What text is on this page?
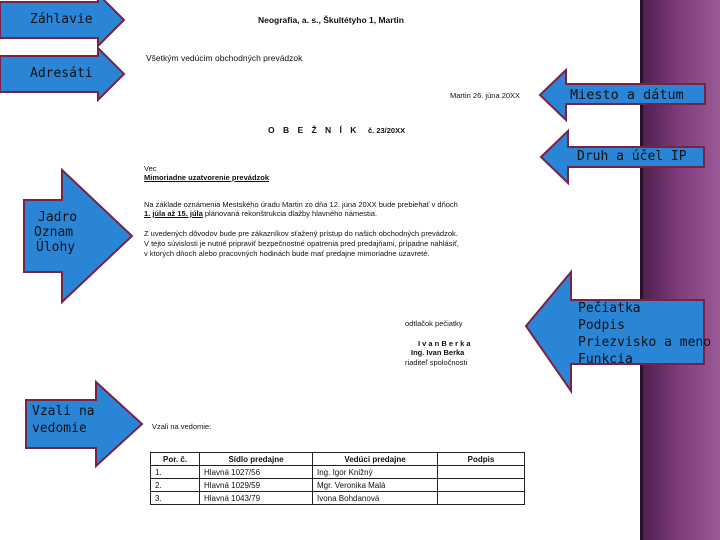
Záhlavie
Adresáti
Miesto a dátum
Druh a účel IP
Jadro
Oznam
Úlohy
Pečiatka
Podpis
Priezvisko a meno
Funkcia
Vzali na
vedomie
Neografia, a. s., Škultétyho 1, Martin
Všetkým vedúcim obchodných prevádzok
Martin 26. júna 20XX
O B E Ž N Í K č. 23/20XX
Vec
Mimoriadne uzatvorenie prevádzok
Na základe oznámenia Mestského úradu Martin zo dňa 12. júna 20XX bude prebiehať v dňoch
1. júla až 15. júla plánovaná rekonštrukcia dlažby hlavného námestia.
Z uvedených dôvodov bude pre zákazníkov sťažený prístup do našich obchodných prevádzok.
V tejto súvislosti je nutné pripraviť bezpečnostné opatrenia pred predajňami, prípadne nahlásiť,
v ktorých dňoch alebo pracovných hodinách bude mať predajne mimoriadne uzavreté.
odtlačok pečiatky
I v a n B e r k a
Ing. Ivan Berka
riaditeľ spoločnosti
Vzali na vedomie:
Por. č.	Sídlo predajne	Vedúci predajne	Podpis
1.	Hlavná 1027/56	Ing. Igor Knižný	
2.	Hlavná 1029/59	Mgr. Veronika Malá	
3.	Hlavná 1043/79	Ivona Bohdanová	
